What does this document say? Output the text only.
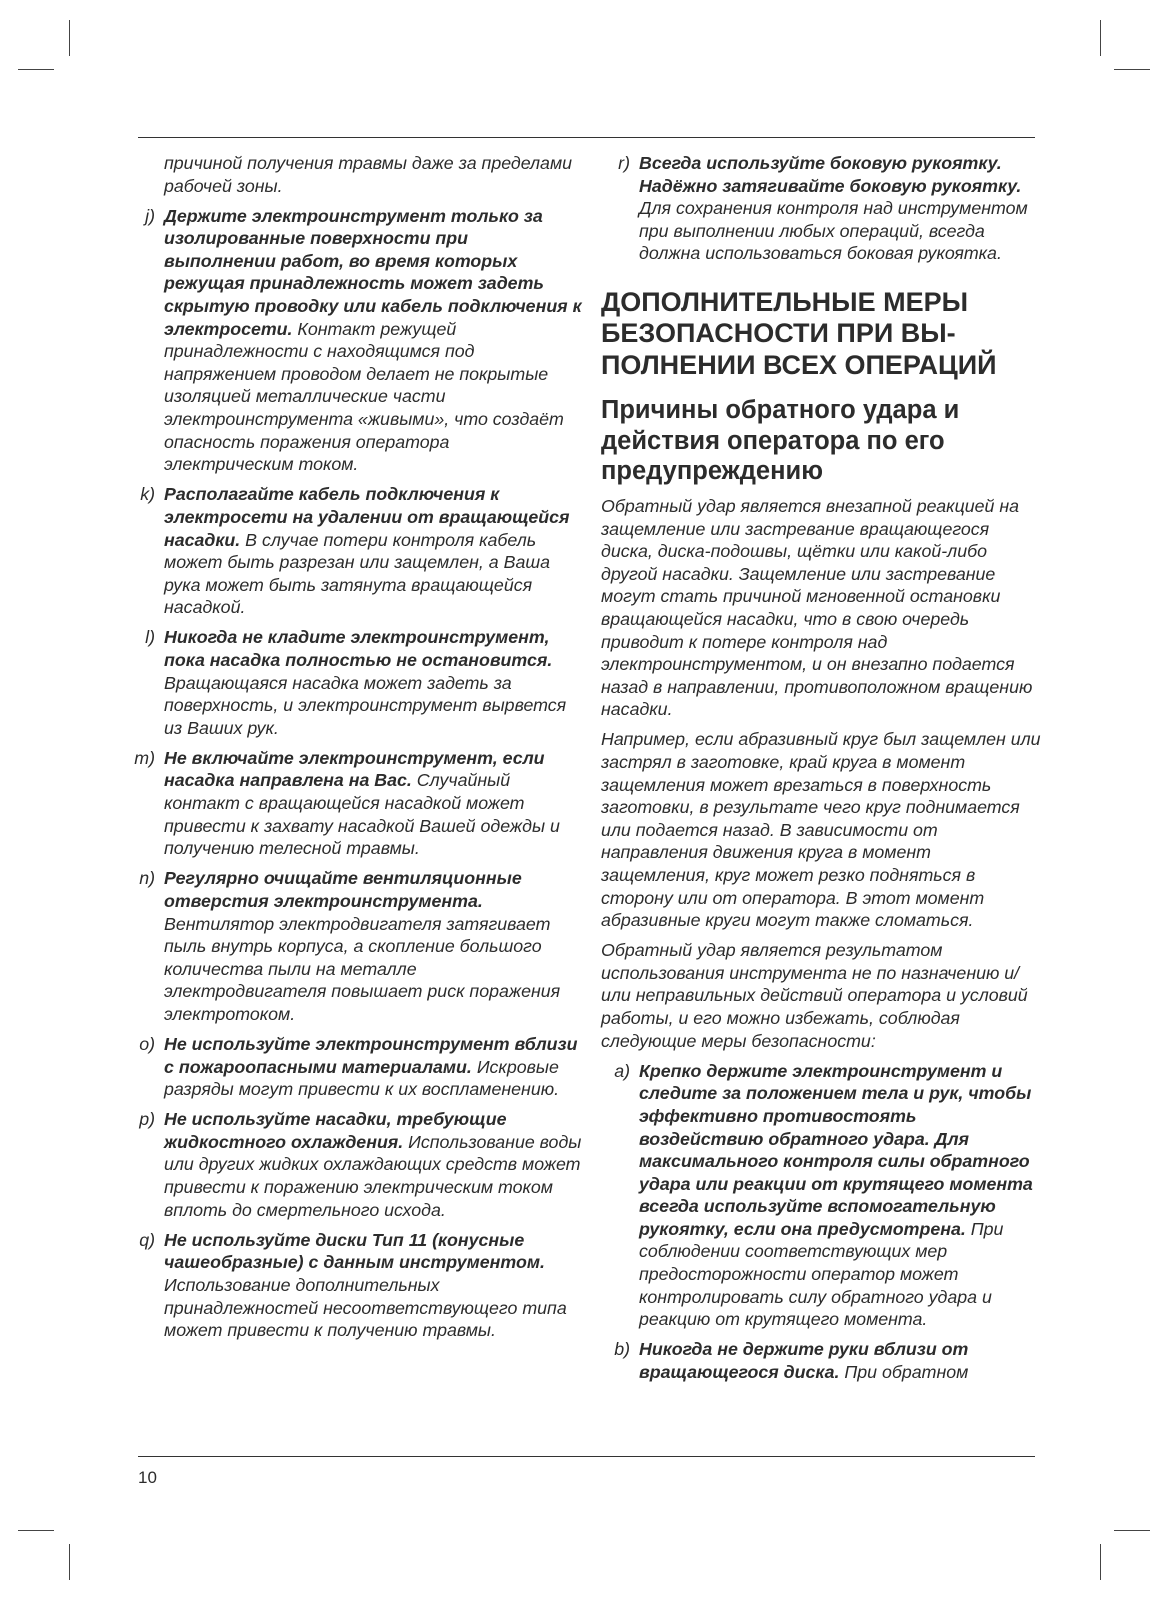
причиной получения травмы даже за пределами рабочей зоны.
j) Держите электроинструмент только за изолированные поверхности при выполнении работ, во время которых режущая принадлежность может задеть скрытую проводку или кабель подключения к электросети. Контакт режущей принадлежности с находящимся под напряжением проводом делает не покрытые изоляцией металлические части электроинструмента «живыми», что создаёт опасность поражения оператора электрическим током.
k) Располагайте кабель подключения к электросети на удалении от вращающейся насадки. В случае потери контроля кабель может быть разрезан или защемлен, а Ваша рука может быть затянута вращающейся насадкой.
l) Никогда не кладите электроинструмент, пока насадка полностью не остановится. Вращающаяся насадка может задеть за поверхность, и электроинструмент вырвется из Ваших рук.
m) Не включайте электроинструмент, если насадка направлена на Вас. Случайный контакт с вращающейся насадкой может привести к захвату насадкой Вашей одежды и получению телесной травмы.
n) Регулярно очищайте вентиляционные отверстия электроинструмента. Вентилятор электродвигателя затягивает пыль внутрь корпуса, а скопление большого количества пыли на металле электродвигателя повышает риск поражения электротоком.
o) Не используйте электроинструмент вблизи с пожароопасными материалами. Искровые разряды могут привести к их воспламенению.
p) Не используйте насадки, требующие жидкостного охлаждения. Использование воды или других жидких охлаждающих средств может привести к поражению электрическим током вплоть до смертельного исхода.
q) Не используйте диски Тип 11 (конусные чашеобразные) с данным инструментом. Использование дополнительных принадлежностей несоответствующего типа может привести к получению травмы.
r) Всегда используйте боковую рукоятку. Надёжно затягивайте боковую рукоятку. Для сохранения контроля над инструментом при выполнении любых операций, всегда должна использоваться боковая рукоятка.
ДОПОЛНИТЕЛЬНЫЕ МЕРЫ БЕЗОПАСНОСТИ ПРИ ВЫ-ПОЛНЕНИИ ВСЕХ ОПЕРАЦИЙ
Причины обратного удара и действия оператора по его предупреждению

Обратный удар является внезапной реакцией на защемление или застревание вращающегося диска, диска-подошвы, щётки или какой-либо другой насадки. Защемление или застревание могут стать причиной мгновенной остановки вращающейся насадки, что в свою очередь приводит к потере контроля над электроинструментом, и он внезапно подается назад в направлении, противоположном вращению насадки.

Например, если абразивный круг был защемлен или застрял в заготовке, край круга в момент защемления может врезаться в поверхность заготовки, в результате чего круг поднимается или подается назад. В зависимости от направления движения круга в момент защемления, круг может резко подняться в сторону или от оператора. В этот момент абразивные круги могут также сломаться.

Обратный удар является результатом использования инструмента не по назначению и/или неправильных действий оператора и условий работы, и его можно избежать, соблюдая следующие меры безопасности:

a) Крепко держите электроинструмент и следите за положением тела и рук, чтобы эффективно противостоять воздействию обратного удара. Для максимального контроля силы обратного удара или реакции от крутящего момента всегда используйте вспомогательную рукоятку, если она предусмотрена. При соблюдении соответствующих мер предосторожности оператор может контролировать силу обратного удара и реакцию от крутящего момента.
b) Никогда не держите руки вблизи от вращающегося диска. При обратном
10
